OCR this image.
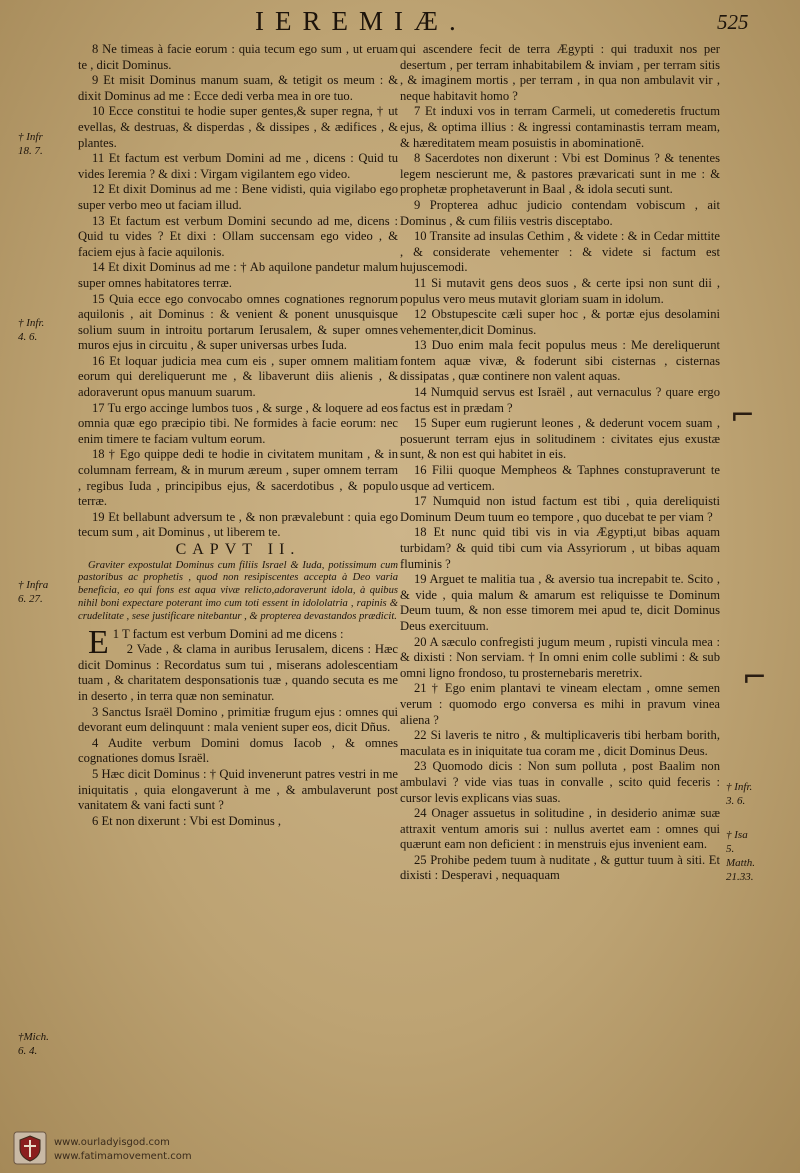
IEREMIÆ.	525
† Infr
18. 7.
† Infr.
4. 6.
† Infra
6. 27.
†Mich.
6. 4.
† Infr.
3. 6.
† Isa
5.
Matth.
21.33.

8 Ne timeas à facie eorum : quia tecum ego sum , ut eruam te , dicit Dominus.

9 Et misit Dominus manum suam, & tetigit os meum : & dixit Dominus ad me : Ecce dedi verba mea in ore tuo.

10 Ecce constitui te hodie super gentes,& super regna, † ut evellas, & destruas, & disperdas , & dissipes , & ædifices , & plantes.

11 Et factum est verbum Domini ad me , dicens : Quid tu vides Ieremia ? & dixi : Virgam vigilantem ego video.

12 Et dixit Dominus ad me : Bene vidisti, quia vigilabo ego super verbo meo ut faciam illud.

13 Et factum est verbum Domini secundo ad me, dicens : Quid tu vides ? Et dixi : Ollam succensam ego video , & faciem ejus à facie aquilonis.

14 Et dixit Dominus ad me : † Ab aquilone pandetur malum super omnes habitatores terræ.

15 Quia ecce ego convocabo omnes cognationes regnorum aquilonis , ait Dominus : & venient & ponent unusquisque solium suum in introitu portarum Ierusalem, & super omnes muros ejus in circuitu , & super universas urbes Iuda.

16 Et loquar judicia mea cum eis , super omnem malitiam eorum qui dereliquerunt me , & libaverunt diis alienis , & adoraverunt opus manuum suarum.

17 Tu ergo accinge lumbos tuos , & surge , & loquere ad eos omnia quæ ego præcipio tibi. Ne formides à facie eorum: nec enim timere te faciam vultum eorum.

18 † Ego quippe dedi te hodie in civitatem munitam , & in columnam ferream, & in murum æreum , super omnem terram , regibus Iuda , principibus ejus, & sacerdotibus , & populo terræ.

19 Et bellabunt adversum te , & non prævalebunt : quia ego tecum sum , ait Dominus , ut liberem te.

CAPVT II.

Graviter expostulat Dominus cum filiis Israel & Iuda, potissimum cum pastoribus ac prophetis , quod non resipiscentes accepta à Deo varia beneficia, eo qui fons est aqua vivæ relicto,adoraverunt idola, à quibus nihil boni expectare poterant imo cum toti essent in idololatria , rapinis & crudelitate , sese justificare nitebantur , & propterea devastandos prædicit.

E 1 T factum est verbum Domini ad me dicens :

2 Vade , & clama in auribus Ierusalem, dicens : Hæc dicit Dominus : Recordatus sum tui , miserans adolescentiam tuam , & charitatem desponsationis tuæ , quando secuta es me in deserto , in terra quæ non seminatur.

3 Sanctus Israël Domino , primitiæ frugum ejus : omnes qui devorant eum delinquunt : mala venient super eos, dicit Dñus.

4 Audite verbum Domini domus Iacob , & omnes cognationes domus Israël.

5 Hæc dicit Dominus : † Quid invenerunt patres vestri in me iniquitatis , quia elongaverunt à me , & ambulaverunt post vanitatem & vani facti sunt ?

6 Et non dixerunt : Vbi est Dominus ,

qui ascendere fecit de terra Ægypti : qui traduxit nos per desertum , per terram inhabitabilem & inviam , per terram sitis , & imaginem mortis , per terram , in qua non ambulavit vir , neque habitavit homo ?

7 Et induxi vos in terram Carmeli, ut comederetis fructum ejus, & optima illius : & ingressi contaminastis terram meam, & hæreditatem meam posuistis in abominationē.

8 Sacerdotes non dixerunt : Vbi est Dominus ? & tenentes legem nescierunt me, & pastores prævaricati sunt in me : & prophetæ prophetaverunt in Baal , & idola secuti sunt.

9 Propterea adhuc judicio contendam vobiscum , ait Dominus , & cum filiis vestris disceptabo.

10 Transite ad insulas Cethim , & videte : & in Cedar mittite , & considerate vehementer : & videte si factum est hujuscemodi.

11 Si mutavit gens deos suos , & certe ipsi non sunt dii , populus vero meus mutavit gloriam suam in idolum.

12 Obstupescite cæli super hoc , & portæ ejus desolamini vehementer,dicit Dominus.

13 Duo enim mala fecit populus meus : Me dereliquerunt fontem aquæ vivæ, & foderunt sibi cisternas , cisternas dissipatas , quæ continere non valent aquas.

14 Numquid servus est Israël , aut vernaculus ? quare ergo factus est in prædam ?

15 Super eum rugierunt leones , & dederunt vocem suam , posuerunt terram ejus in solitudinem : civitates ejus exustæ sunt, & non est qui habitet in eis.

16 Filii quoque Mempheos & Taphnes constupraverunt te usque ad verticem.

17 Numquid non istud factum est tibi , quia dereliquisti Dominum Deum tuum eo tempore , quo ducebat te per viam ?

18 Et nunc quid tibi vis in via Ægypti,ut bibas aquam turbidam? & quid tibi cum via Assyriorum , ut bibas aquam fluminis ?

19 Arguet te malitia tua , & aversio tua increpabit te. Scito , & vide , quia malum & amarum est reliquisse te Dominum Deum tuum, & non esse timorem mei apud te, dicit Dominus Deus exercituum.

20 A sæculo confregisti jugum meum , rupisti vincula mea : & dixisti : Non serviam. † In omni enim colle sublimi : & sub omni ligno frondoso, tu prosternebaris meretrix.

21 † Ego enim plantavi te vineam electam , omne semen verum : quomodo ergo conversa es mihi in pravum vinea aliena ?

22 Si laveris te nitro , & multiplicaveris tibi herbam borith, maculata es in iniquitate tua coram me , dicit Dominus Deus.

23 Quomodo dicis : Non sum polluta , post Baalim non ambulavi ? vide vias tuas in convalle , scito quid feceris : cursor levis explicans vias suas.

24 Onager assuetus in solitudine , in desiderio animæ suæ attraxit ventum amoris sui : nullus avertet eam : omnes qui quærunt eam non deficient : in menstruis ejus invenient eam.

25 Prohibe pedem tuum à nuditate , & guttur tuum à siti. Et dixisti : Desperavi , nequaquam

⌐
⌐
www.ourladyisgod.com
www.fatimamovement.com
